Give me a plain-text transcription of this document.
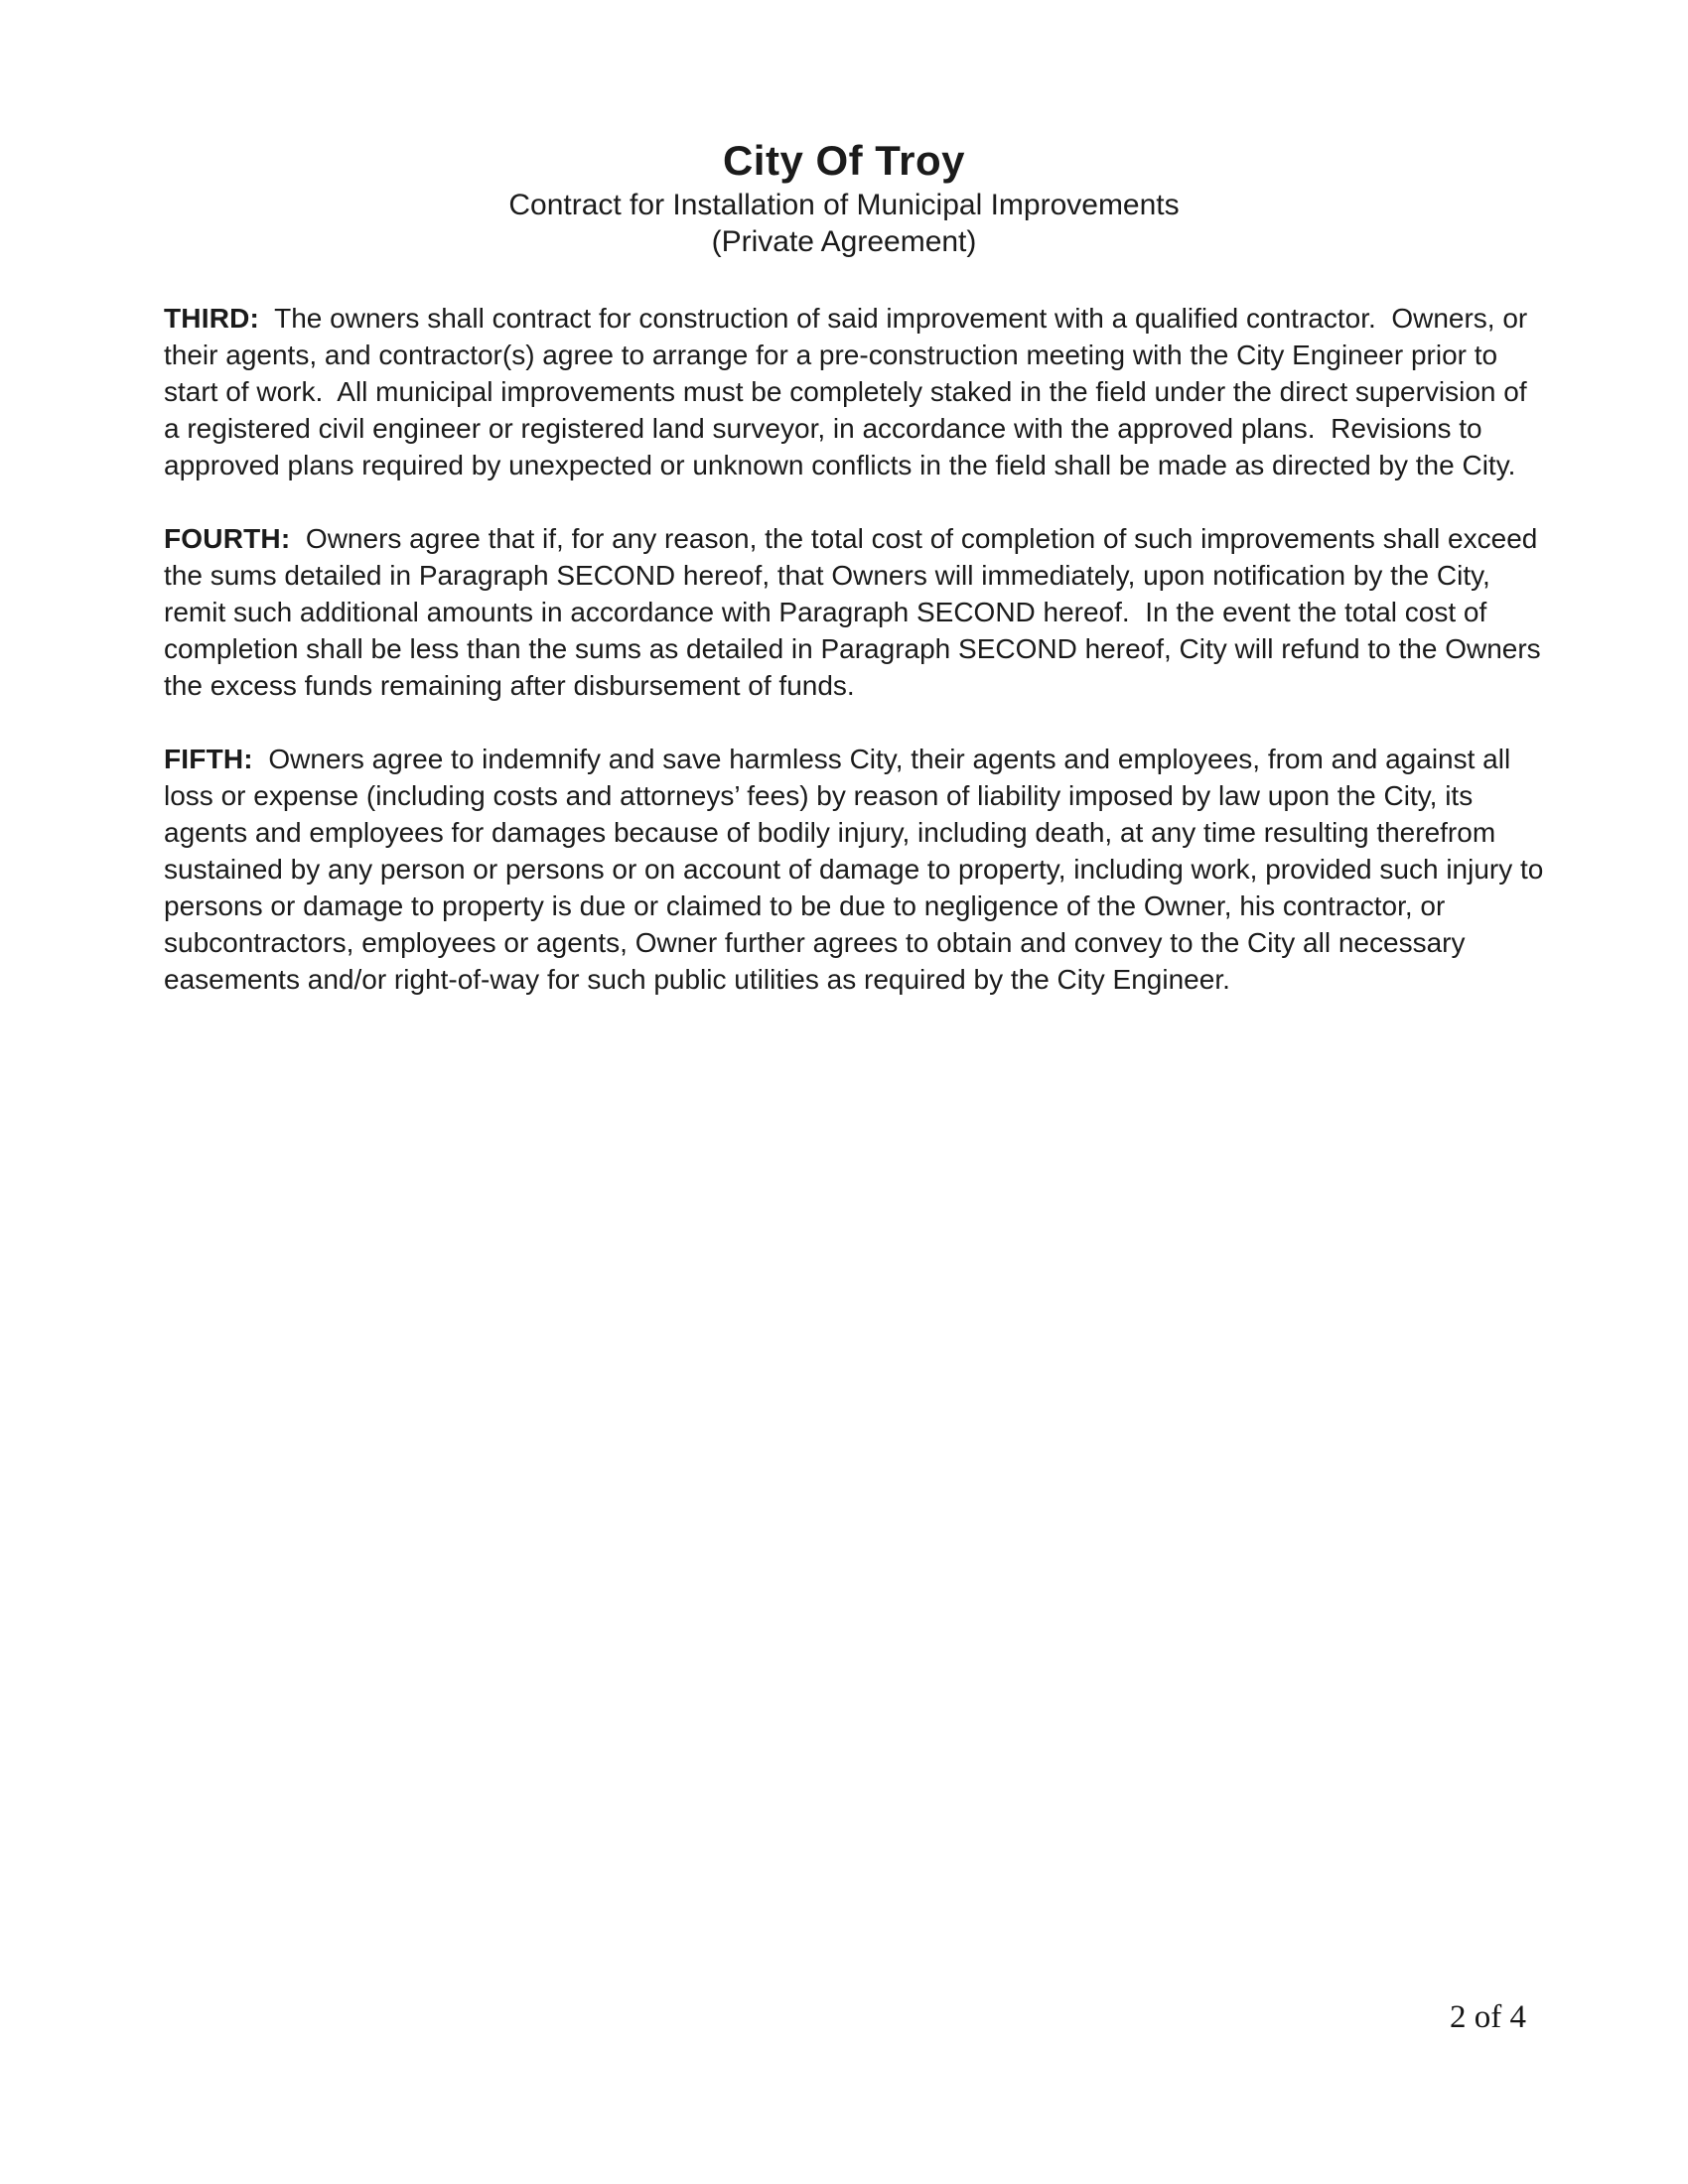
City Of Troy
Contract for Installation of Municipal Improvements
(Private Agreement)

THIRD:  The owners shall contract for construction of said improvement with a qualified contractor.  Owners, or their agents, and contractor(s) agree to arrange for a pre-construction meeting with the City Engineer prior to start of work.  All municipal improvements must be completely staked in the field under the direct supervision of a registered civil engineer or registered land surveyor, in accordance with the approved plans.  Revisions to approved plans required by unexpected or unknown conflicts in the field shall be made as directed by the City.

FOURTH:  Owners agree that if, for any reason, the total cost of completion of such improvements shall exceed the sums detailed in Paragraph SECOND hereof, that Owners will immediately, upon notification by the City, remit such additional amounts in accordance with Paragraph SECOND hereof.  In the event the total cost of completion shall be less than the sums as detailed in Paragraph SECOND hereof, City will refund to the Owners the excess funds remaining after disbursement of funds.

FIFTH:  Owners agree to indemnify and save harmless City, their agents and employees, from and against all loss or expense (including costs and attorneys’ fees) by reason of liability imposed by law upon the City, its agents and employees for damages because of bodily injury, including death, at any time resulting therefrom sustained by any person or persons or on account of damage to property, including work, provided such injury to persons or damage to property is due or claimed to be due to negligence of the Owner, his contractor, or subcontractors, employees or agents, Owner further agrees to obtain and convey to the City all necessary easements and/or right-of-way for such public utilities as required by the City Engineer.

2 of 4
